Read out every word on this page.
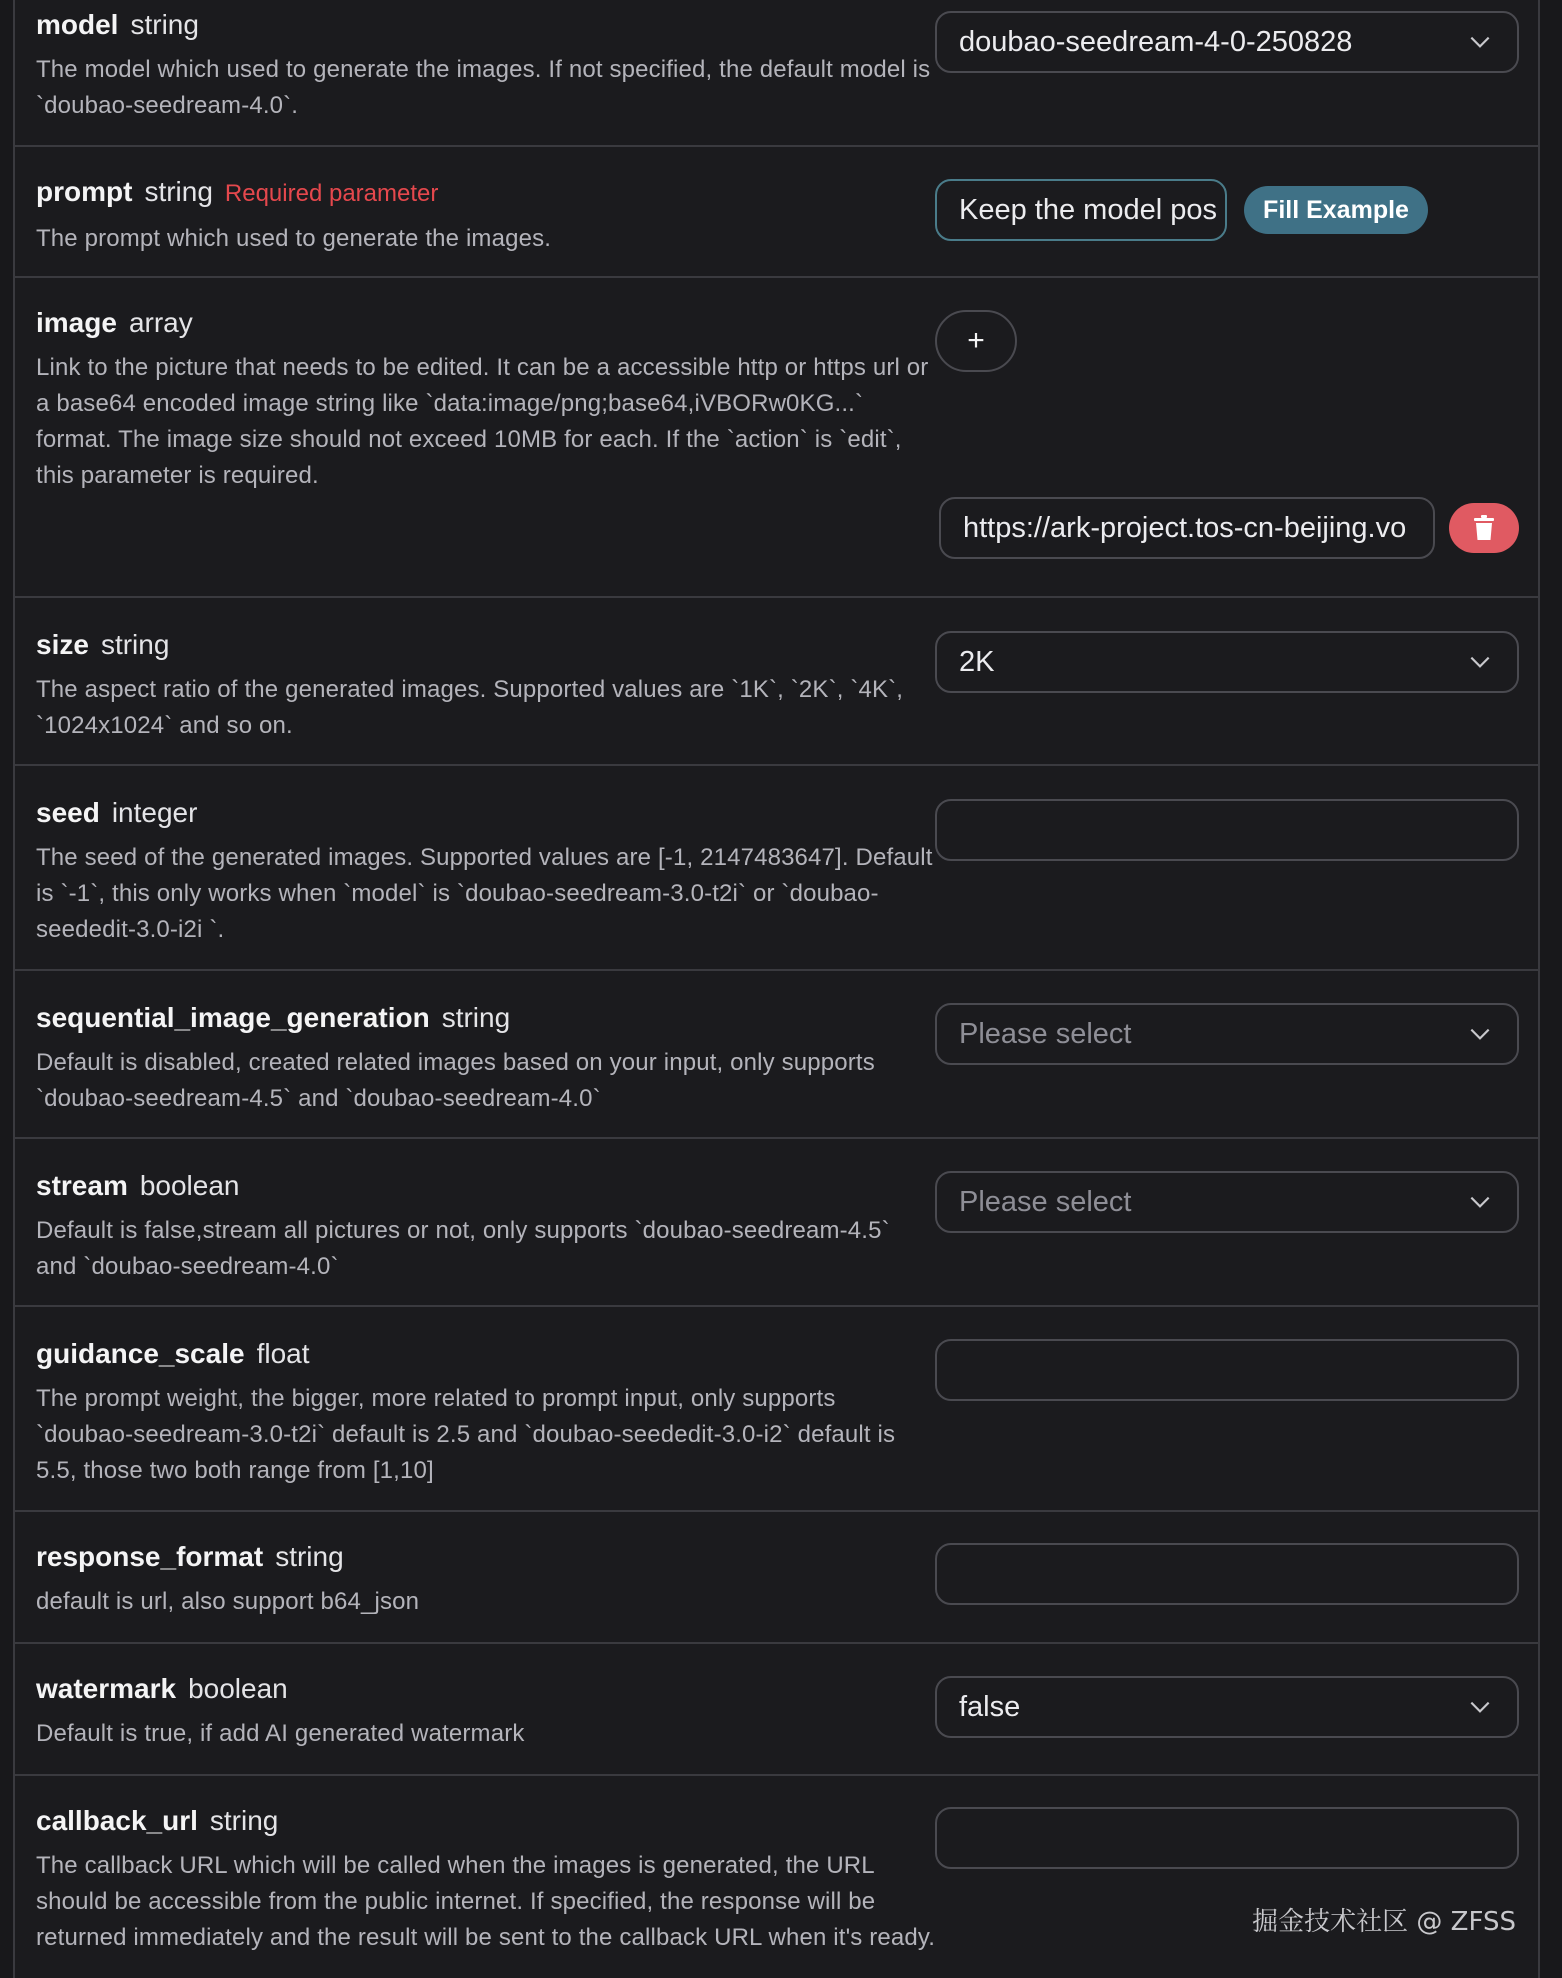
model string
The model which used to generate the images. If not specified, the default model is `doubao-seedream-4.0`.
doubao-seedream-4-0-250828
prompt string Required parameter
The prompt which used to generate the images.
Keep the model pos	Fill Example
image array
Link to the picture that needs to be edited. It can be a accessible http or https url or a base64 encoded image string like `data:image/png;base64,iVBORw0KG...` format. The image size should not exceed 10MB for each. If the `action` is `edit`, this parameter is required.
+
https://ark-project.tos-cn-beijing.vo
size string
The aspect ratio of the generated images. Supported values are `1K`, `2K`, `4K`, `1024x1024` and so on.
2K
seed integer
The seed of the generated images. Supported values are [-1, 2147483647]. Default is `-1`, this only works when `model` is `doubao-seedream-3.0-t2i` or `doubao-seededit-3.0-i2i `.
sequential_image_generation string
Default is disabled, created related images based on your input, only supports `doubao-seedream-4.5` and `doubao-seedream-4.0`
Please select
stream boolean
Default is false,stream all pictures or not, only supports `doubao-seedream-4.5` and `doubao-seedream-4.0`
Please select
guidance_scale float
The prompt weight, the bigger, more related to prompt input, only supports `doubao-seedream-3.0-t2i` default is 2.5 and `doubao-seededit-3.0-i2` default is 5.5, those two both range from [1,10]
response_format string
default is url, also support b64_json
watermark boolean
Default is true, if add AI generated watermark
false
callback_url string
The callback URL which will be called when the images is generated, the URL should be accessible from the public internet. If specified, the response will be returned immediately and the result will be sent to the callback URL when it's ready.
掘金技术社区 @ ZFSS
